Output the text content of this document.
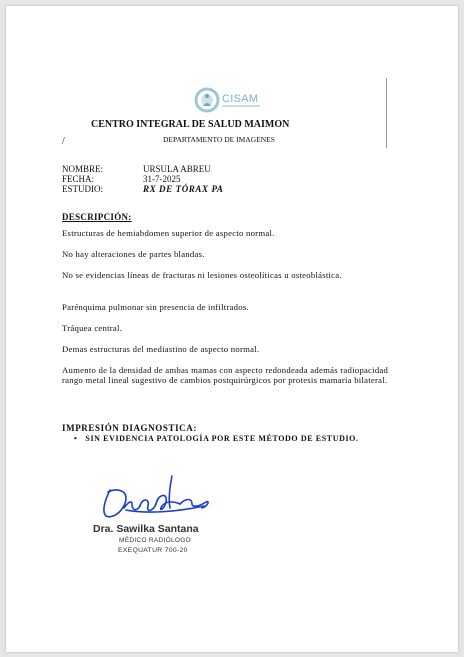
CISAM
CENTRO INTEGRAL DE SALUD MAIMON
/	DEPARTAMENTO DE IMAGENES
NOMBRE:	URSULA ABREU
FECHA:	31-7-2025
ESTUDIO:	RX DE TÓRAX PA
DESCRIPCIÓN:

Estructuras de hemiabdomen superior de aspecto normal.

No hay alteraciones de partes blandas.

No se evidencias líneas de fracturas ni lesiones osteolíticas u osteoblástica.

Parénquima pulmonar sin presencia de infiltrados.

Tráquea central.

Demas estructuras del mediastino de aspecto normal.

Aumento de la densidad de ambas mamas con aspecto redondeada además radiopacidad rango metal lineal sugestivo de cambios postquirúrgicos por protesis mamaria bilateral.

IMPRESIÓN DIAGNOSTICA:
• SIN EVIDENCIA PATOLOGÍA POR ESTE MÉTODO DE ESTUDIO.
Dra. Sawilka Santana
MÉDICO RADIÓLOGO
EXEQUATUR 700-20
